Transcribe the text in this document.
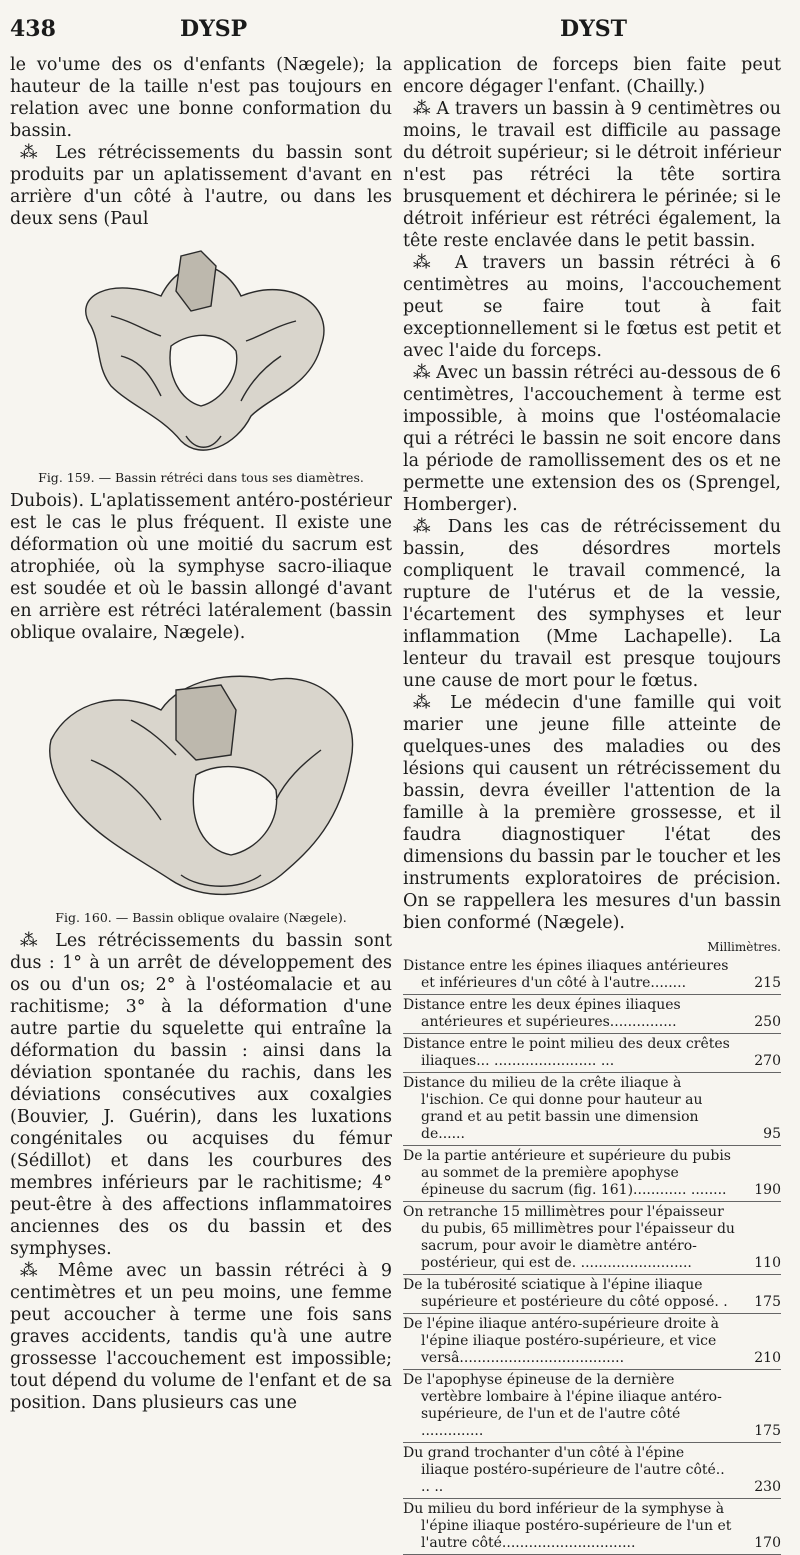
438	DYSP	DYST

le vo'ume des os d'enfants (Nægele); la hauteur de la taille n'est pas toujours en relation avec une bonne conformation du bassin.

⁂ Les rétrécissements du bassin sont produits par un aplatissement d'avant en arrière d'un côté à l'autre, ou dans les deux sens (Paul

Fig. 159. — Bassin rétréci dans tous ses diamètres.

Dubois). L'aplatissement antéro-postérieur est le cas le plus fréquent. Il existe une déformation où une moitié du sacrum est atrophiée, où la symphyse sacro-iliaque est soudée et où le bassin allongé d'avant en arrière est rétréci latéralement (bassin oblique ovalaire, Nægele).

Fig. 160. — Bassin oblique ovalaire (Nægele).

⁂ Les rétrécissements du bassin sont dus : 1° à un arrêt de développement des os ou d'un os; 2° à l'ostéomalacie et au rachitisme; 3° à la déformation d'une autre partie du squelette qui entraîne la déformation du bassin : ainsi dans la déviation spontanée du rachis, dans les déviations consécutives aux coxalgies (Bouvier, J. Guérin), dans les luxations congénitales ou acquises du fémur (Sédillot) et dans les courbures des membres inférieurs par le rachitisme; 4° peut-être à des affections inflammatoires anciennes des os du bassin et des symphyses.

⁂ Même avec un bassin rétréci à 9 centimètres et un peu moins, une femme peut accoucher à terme une fois sans graves accidents, tandis qu'à une autre grossesse l'accouchement est impossible; tout dépend du volume de l'enfant et de sa position. Dans plusieurs cas une

application de forceps bien faite peut encore dégager l'enfant. (Chailly.)

⁂ A travers un bassin à 9 centimètres ou moins, le travail est difficile au passage du détroit supérieur; si le détroit inférieur n'est pas rétréci la tête sortira brusquement et déchirera le périnée; si le détroit inférieur est rétréci également, la tête reste enclavée dans le petit bassin.

⁂ A travers un bassin rétréci à 6 centimètres au moins, l'accouchement peut se faire tout à fait exceptionnellement si le fœtus est petit et avec l'aide du forceps.

⁂ Avec un bassin rétréci au-dessous de 6 centimètres, l'accouchement à terme est impossible, à moins que l'ostéomalacie qui a rétréci le bassin ne soit encore dans la période de ramollissement des os et ne permette une extension des os (Sprengel, Homberger).

⁂ Dans les cas de rétrécissement du bassin, des désordres mortels compliquent le travail commencé, la rupture de l'utérus et de la vessie, l'écartement des symphyses et leur inflammation (Mme Lachapelle). La lenteur du travail est presque toujours une cause de mort pour le fœtus.

⁂ Le médecin d'une famille qui voit marier une jeune fille atteinte de quelques-unes des maladies ou des lésions qui causent un rétrécissement du bassin, devra éveiller l'attention de la famille à la première grossesse, et il faudra diagnostiquer l'état des dimensions du bassin par le toucher et les instruments exploratoires de précision. On se rappellera les mesures d'un bassin bien conformé (Nægele).

Millimètres.
Distance entre les épines iliaques antérieures et inférieures d'un côté à l'autre........	215

Distance entre les deux épines iliaques antérieures et supérieures...............	250

Distance entre le point milieu des deux crêtes iliaques... ....................... ...	270

Distance du milieu de la crête iliaque à l'ischion. Ce qui donne pour hauteur au grand et au petit bassin une dimension de......	95

De la partie antérieure et supérieure du pubis au sommet de la première apophyse épineuse du sacrum (fig. 161)............ ........	190

On retranche 15 millimètres pour l'épaisseur du pubis, 65 millimètres pour l'épaisseur du sacrum, pour avoir le diamètre antéro-postérieur, qui est de. .........................	110

De la tubérosité sciatique à l'épine iliaque supérieure et postérieure du côté opposé. .	175

De l'épine iliaque antéro-supérieure droite à l'épine iliaque postéro-supérieure, et vice versâ.....................................	210

De l'apophyse épineuse de la dernière vertèbre lombaire à l'épine iliaque antéro-supérieure, de l'un et de l'autre côté ..............	175

Du grand trochanter d'un côté à l'épine iliaque postéro-supérieure de l'autre côté.. .. ..	230

Du milieu du bord inférieur de la symphyse à l'épine iliaque postéro-supérieure de l'un et l'autre côté..............................	170
